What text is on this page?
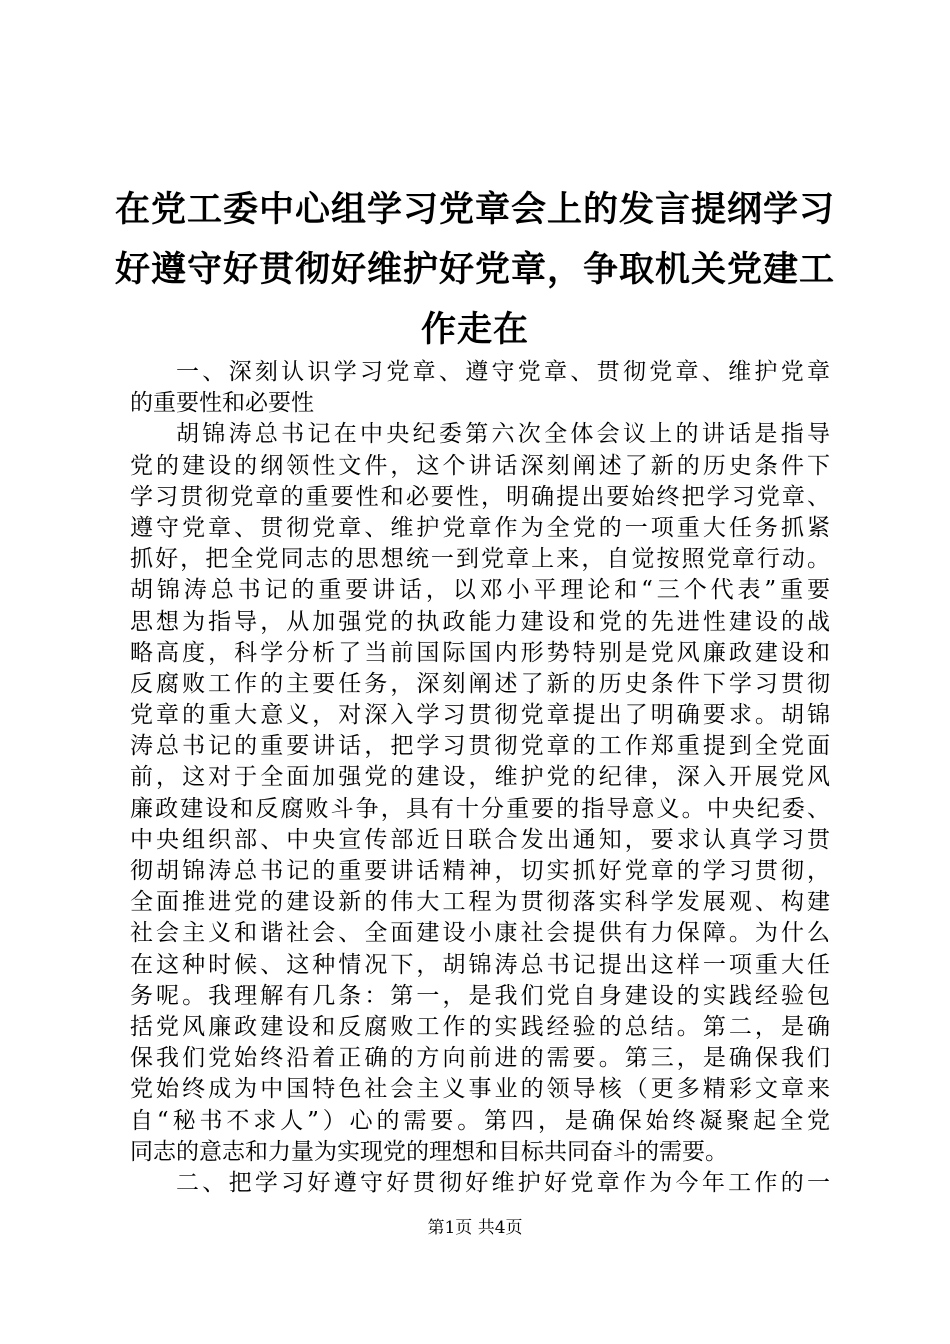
在党工委中心组学习党章会上的发言提纲学习
好遵守好贯彻好维护好党章，争取机关党建工
作走在
一、深刻认识学习党章、遵守党章、贯彻党章、维护党章
的重要性和必要性
胡锦涛总书记在中央纪委第六次全体会议上的讲话是指导
党的建设的纲领性文件，这个讲话深刻阐述了新的历史条件下
学习贯彻党章的重要性和必要性，明确提出要始终把学习党章、
遵守党章、贯彻党章、维护党章作为全党的一项重大任务抓紧
抓好，把全党同志的思想统一到党章上来，自觉按照党章行动。
胡锦涛总书记的重要讲话，以邓小平理论和“三个代表”重要
思想为指导，从加强党的执政能力建设和党的先进性建设的战
略高度，科学分析了当前国际国内形势特别是党风廉政建设和
反腐败工作的主要任务，深刻阐述了新的历史条件下学习贯彻
党章的重大意义，对深入学习贯彻党章提出了明确要求。胡锦
涛总书记的重要讲话，把学习贯彻党章的工作郑重提到全党面
前，这对于全面加强党的建设，维护党的纪律，深入开展党风
廉政建设和反腐败斗争，具有十分重要的指导意义。中央纪委、
中央组织部、中央宣传部近日联合发出通知，要求认真学习贯
彻胡锦涛总书记的重要讲话精神，切实抓好党章的学习贯彻，
全面推进党的建设新的伟大工程为贯彻落实科学发展观、构建
社会主义和谐社会、全面建设小康社会提供有力保障。为什么
在这种时候、这种情况下，胡锦涛总书记提出这样一项重大任
务呢。我理解有几条：第一，是我们党自身建设的实践经验包
括党风廉政建设和反腐败工作的实践经验的总结。第二，是确
保我们党始终沿着正确的方向前进的需要。第三，是确保我们
党始终成为中国特色社会主义事业的领导核（更多精彩文章来
自“秘书不求人”）心的需要。第四，是确保始终凝聚起全党
同志的意志和力量为实现党的理想和目标共同奋斗的需要。
二、把学习好遵守好贯彻好维护好党章作为今年工作的一
第1页 共4页
